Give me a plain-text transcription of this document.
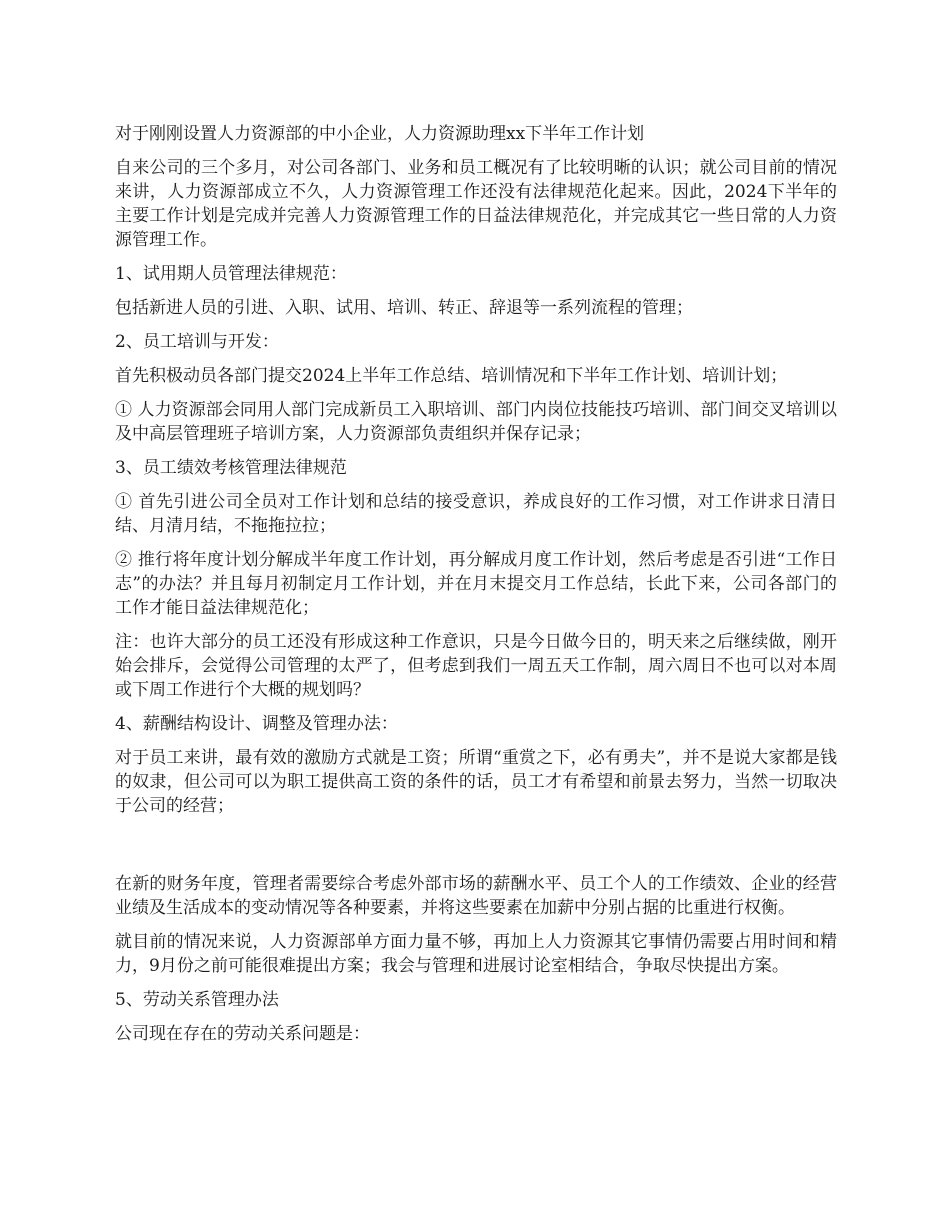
对于刚刚设置人力资源部的中小企业，人力资源助理xx下半年工作计划

自来公司的三个多月，对公司各部门、业务和员工概况有了比较明晰的认识；就公司目前的情况来讲，人力资源部成立不久，人力资源管理工作还没有法律规范化起来。因此，2024下半年的主要工作计划是完成并完善人力资源管理工作的日益法律规范化，并完成其它一些日常的人力资源管理工作。

1、试用期人员管理法律规范：

包括新进人员的引进、入职、试用、培训、转正、辞退等一系列流程的管理；

2、员工培训与开发：

首先积极动员各部门提交2024上半年工作总结、培训情况和下半年工作计划、培训计划；

① 人力资源部会同用人部门完成新员工入职培训、部门内岗位技能技巧培训、部门间交叉培训以及中高层管理班子培训方案，人力资源部负责组织并保存记录；

3、员工绩效考核管理法律规范

① 首先引进公司全员对工作计划和总结的接受意识，养成良好的工作习惯，对工作讲求日清日结、月清月结，不拖拖拉拉；

② 推行将年度计划分解成半年度工作计划，再分解成月度工作计划，然后考虑是否引进“工作日志”的办法？并且每月初制定月工作计划，并在月末提交月工作总结，长此下来，公司各部门的工作才能日益法律规范化；

注：也许大部分的员工还没有形成这种工作意识，只是今日做今日的，明天来之后继续做，刚开始会排斥，会觉得公司管理的太严了，但考虑到我们一周五天工作制，周六周日不也可以对本周或下周工作进行个大概的规划吗？

4、薪酬结构设计、调整及管理办法：

对于员工来讲，最有效的激励方式就是工资；所谓“重赏之下，必有勇夫”，并不是说大家都是钱的奴隶，但公司可以为职工提供高工资的条件的话，员工才有希望和前景去努力，当然一切取决于公司的经营；

在新的财务年度，管理者需要综合考虑外部市场的薪酬水平、员工个人的工作绩效、企业的经营业绩及生活成本的变动情况等各种要素，并将这些要素在加薪中分别占据的比重进行权衡。

就目前的情况来说，人力资源部单方面力量不够，再加上人力资源其它事情仍需要占用时间和精力，9月份之前可能很难提出方案；我会与管理和进展讨论室相结合，争取尽快提出方案。

5、劳动关系管理办法

公司现在存在的劳动关系问题是：
